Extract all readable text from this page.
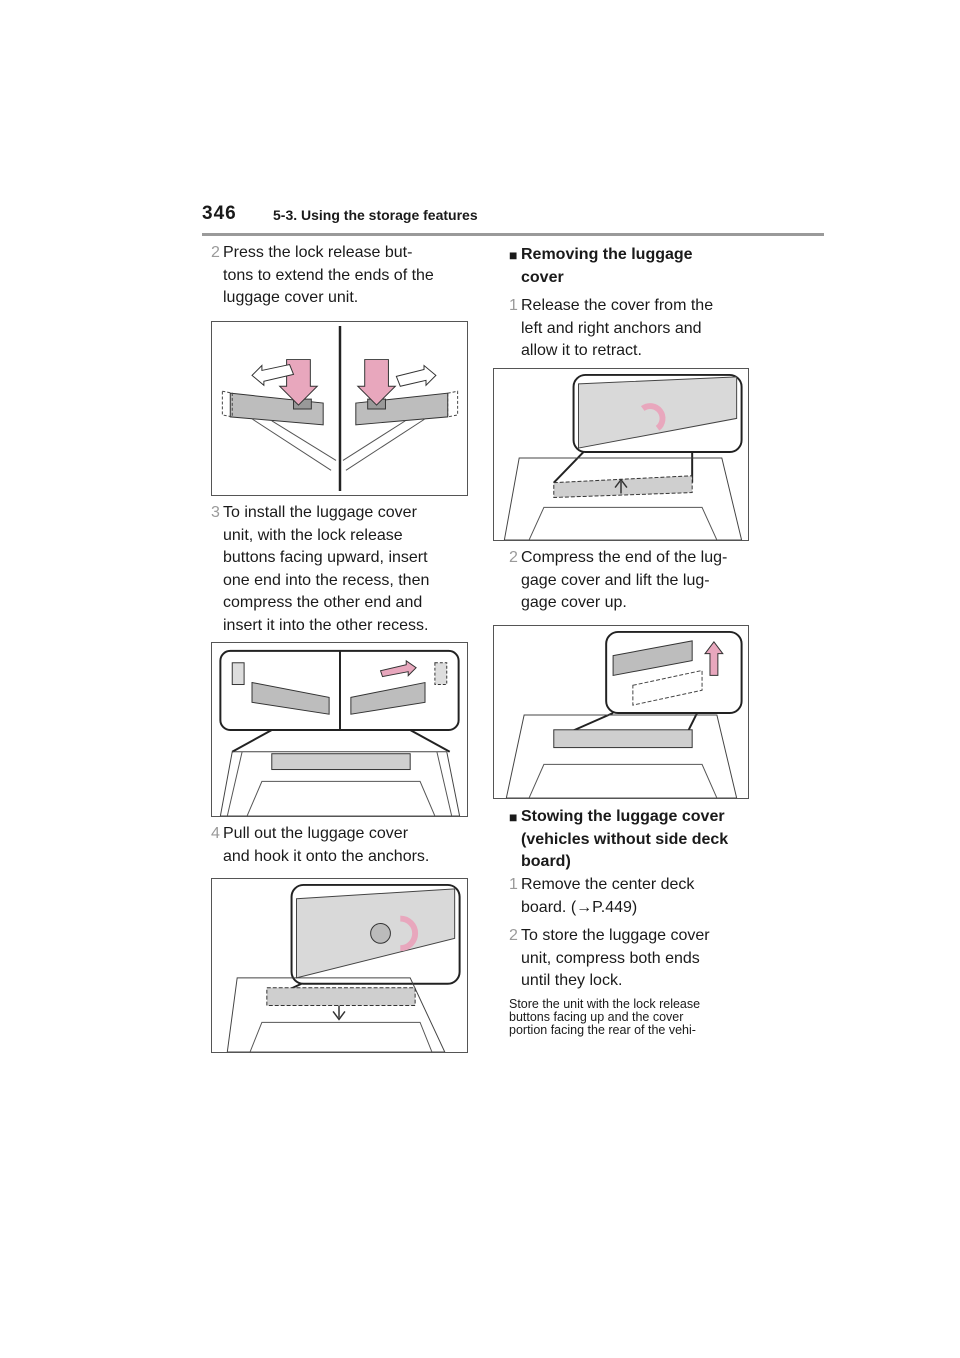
346	5-3. Using the storage features
2 Press the lock release but-
tons to extend the ends of the
luggage cover unit.
3 To install the luggage cover
unit, with the lock release
buttons facing upward, insert
one end into the recess, then
compress the other end and
insert it into the other recess.
4 Pull out the luggage cover
and hook it onto the anchors.
■ Removing the luggage
cover
1 Release the cover from the
left and right anchors and
allow it to retract.
2 Compress the end of the lug-
gage cover and lift the lug-
gage cover up.
■ Stowing the luggage cover
(vehicles without side deck
board)
1 Remove the center deck
board. (→P.449)
2 To store the luggage cover
unit, compress both ends
until they lock.
Store the unit with the lock release
buttons facing up and the cover
portion facing the rear of the vehi-
